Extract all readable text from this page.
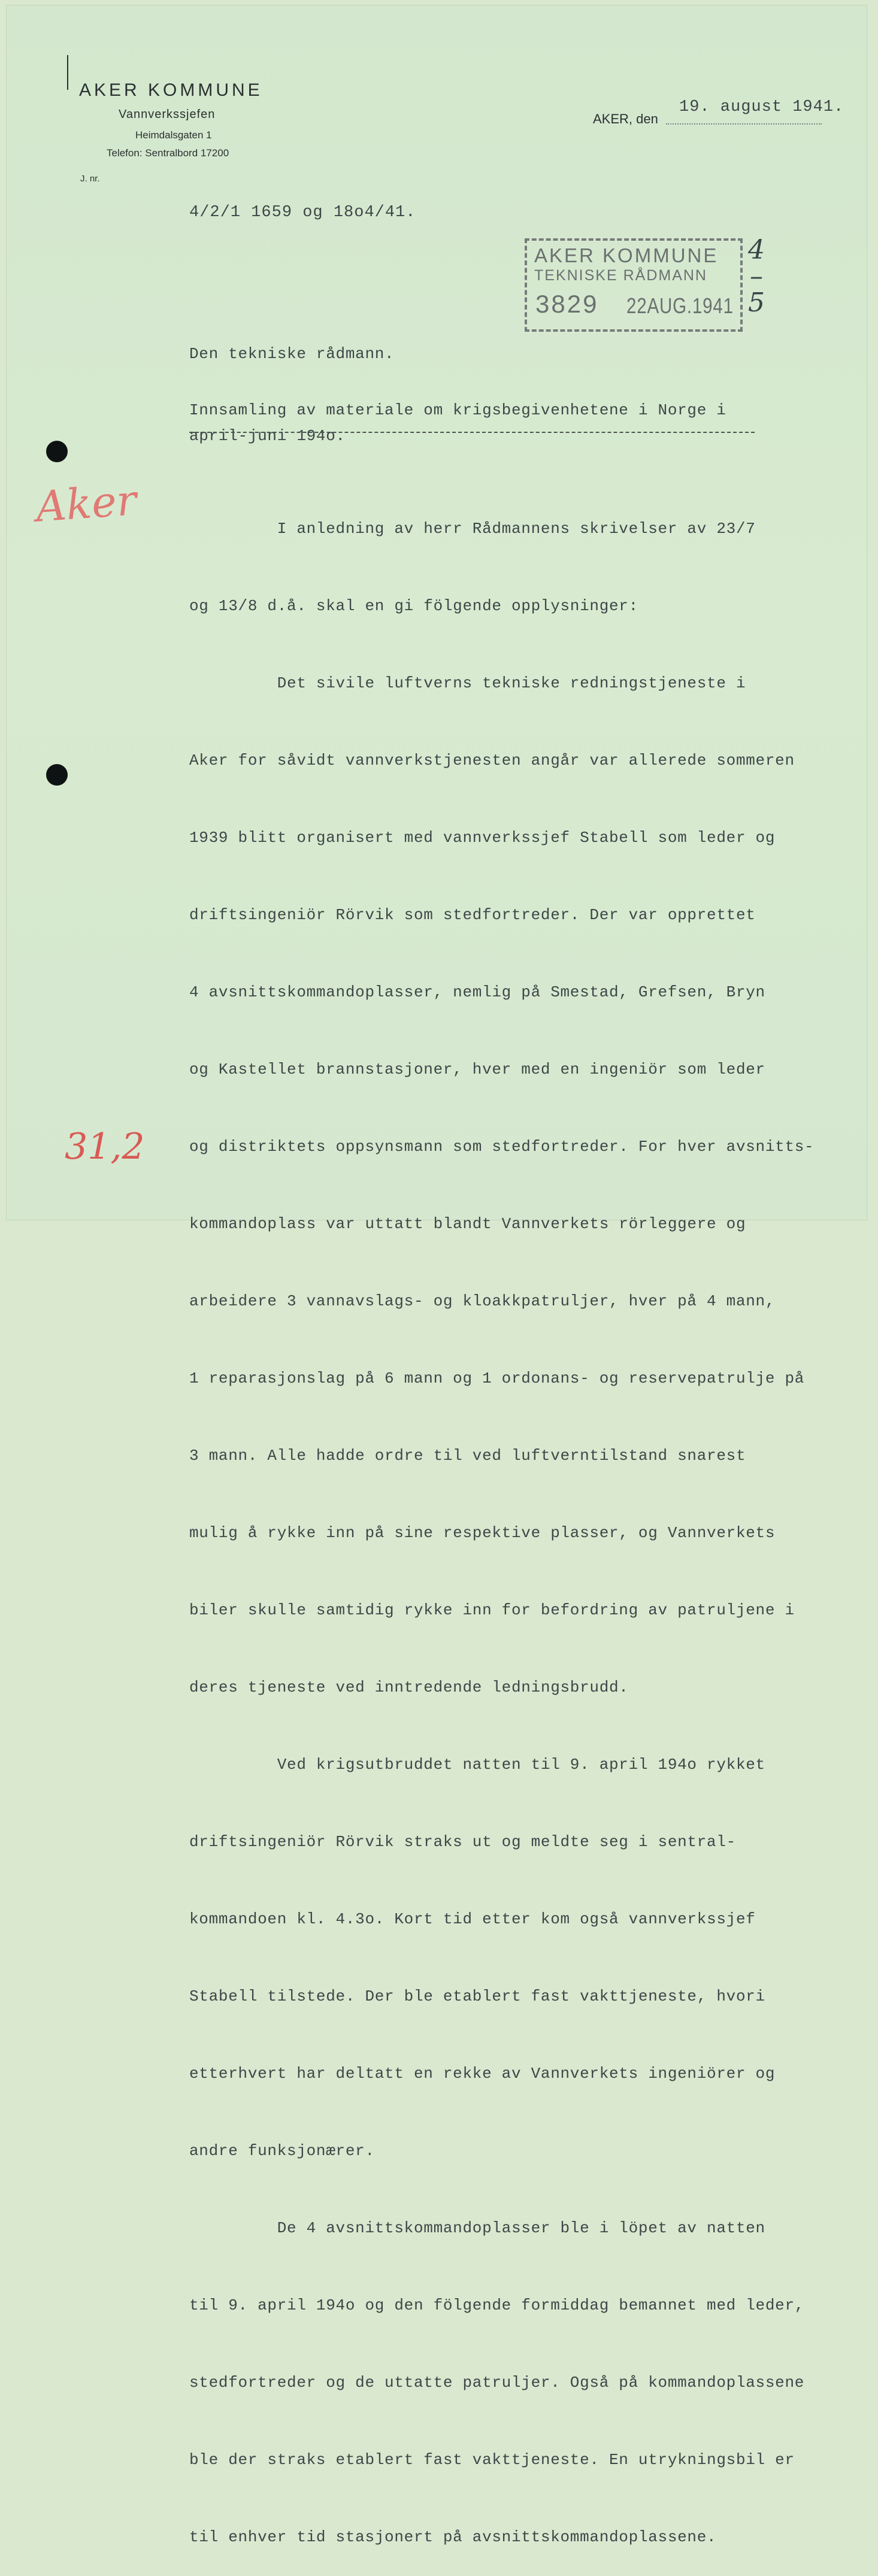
AKER KOMMUNE
Vannverkssjefen
Heimdalsgaten 1
Telefon: Sentralbord 17200
J. nr.
AKER, den
19. august 1941.
4/2/1 1659 og 18o4/41.
AKER KOMMUNE
TEKNISKE RÅDMANN
3829 22AUG.1941
4
–
5
Aker
31,2
Den tekniske rådmann.
Innsamling av materiale om krigsbegivenhetene i Norge i
april-juni 194o.

I anledning av herr Rådmannens skrivelser av 23/7

og 13/8 d.å. skal en gi fölgende opplysninger:

Det sivile luftverns tekniske redningstjeneste i

Aker for såvidt vannverkstjenesten angår var allerede sommeren

1939 blitt organisert med vannverkssjef Stabell som leder og

driftsingeniör Rörvik som stedfortreder. Der var opprettet

4 avsnittskommandoplasser, nemlig på Smestad, Grefsen, Bryn

og Kastellet brannstasjoner, hver med en ingeniör som leder

og distriktets oppsynsmann som stedfortreder. For hver avsnitts-

kommandoplass var uttatt blandt Vannverkets rörleggere og

arbeidere 3 vannavslags- og kloakkpatruljer, hver på 4 mann,

1 reparasjonslag på 6 mann og 1 ordonans- og reservepatrulje på

3 mann. Alle hadde ordre til ved luftverntilstand snarest

mulig å rykke inn på sine respektive plasser, og Vannverkets

biler skulle samtidig rykke inn for befordring av patruljene i

deres tjeneste ved inntredende ledningsbrudd.

Ved krigsutbruddet natten til 9. april 194o rykket

driftsingeniör Rörvik straks ut og meldte seg i sentral-

kommandoen kl. 4.3o. Kort tid etter kom også vannverkssjef

Stabell tilstede. Der ble etablert fast vakttjeneste, hvori

etterhvert har deltatt en rekke av Vannverkets ingeniörer og

andre funksjonærer.

De 4 avsnittskommandoplasser ble i löpet av natten

til 9. april 194o og den fölgende formiddag bemannet med leder,

stedfortreder og de uttatte patruljer. Også på kommandoplassene

ble der straks etablert fast vakttjeneste. En utrykningsbil er

til enhver tid stasjonert på avsnittskommandoplassene.
